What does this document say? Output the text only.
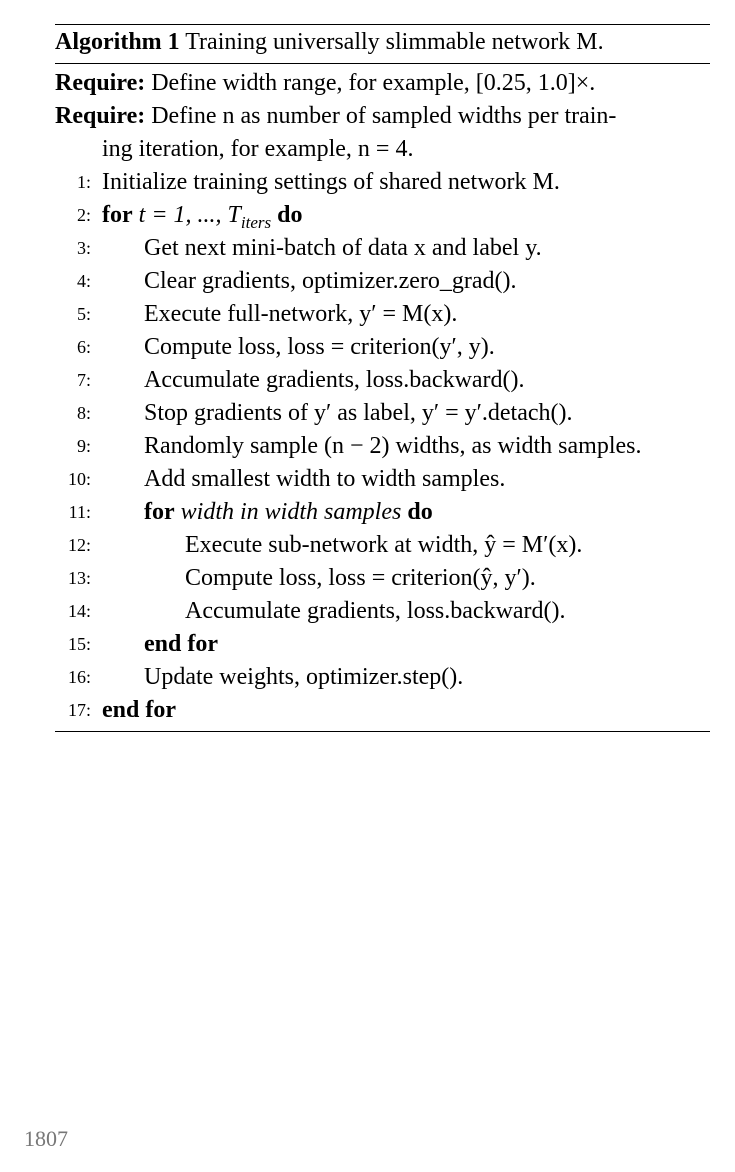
Algorithm 1 Training universally slimmable network M.
Require: Define width range, for example, [0.25, 1.0]×.
Require: Define n as number of sampled widths per train-
ing iteration, for example, n = 4.
1: Initialize training settings of shared network M.
2: for t = 1, ..., $T_{iters}$ do
3: Get next mini-batch of data x and label y.
4: Clear gradients, optimizer.zero_grad().
5: Execute full-network, y′ = M(x).
6: Compute loss, loss = criterion(y′, y).
7: Accumulate gradients, loss.backward().
8: Stop gradients of y′ as label, y′ = y′.detach().
9: Randomly sample (n − 2) widths, as width samples.
10: Add smallest width to width samples.
11: for width in width samples do
12:	Execute sub-network at width, ŷ = M′(x).
13:	Compute loss, loss = criterion(ŷ, y′).
14:	Accumulate gradients, loss.backward().
15: end for
16: Update weights, optimizer.step().
17: end for
1807
